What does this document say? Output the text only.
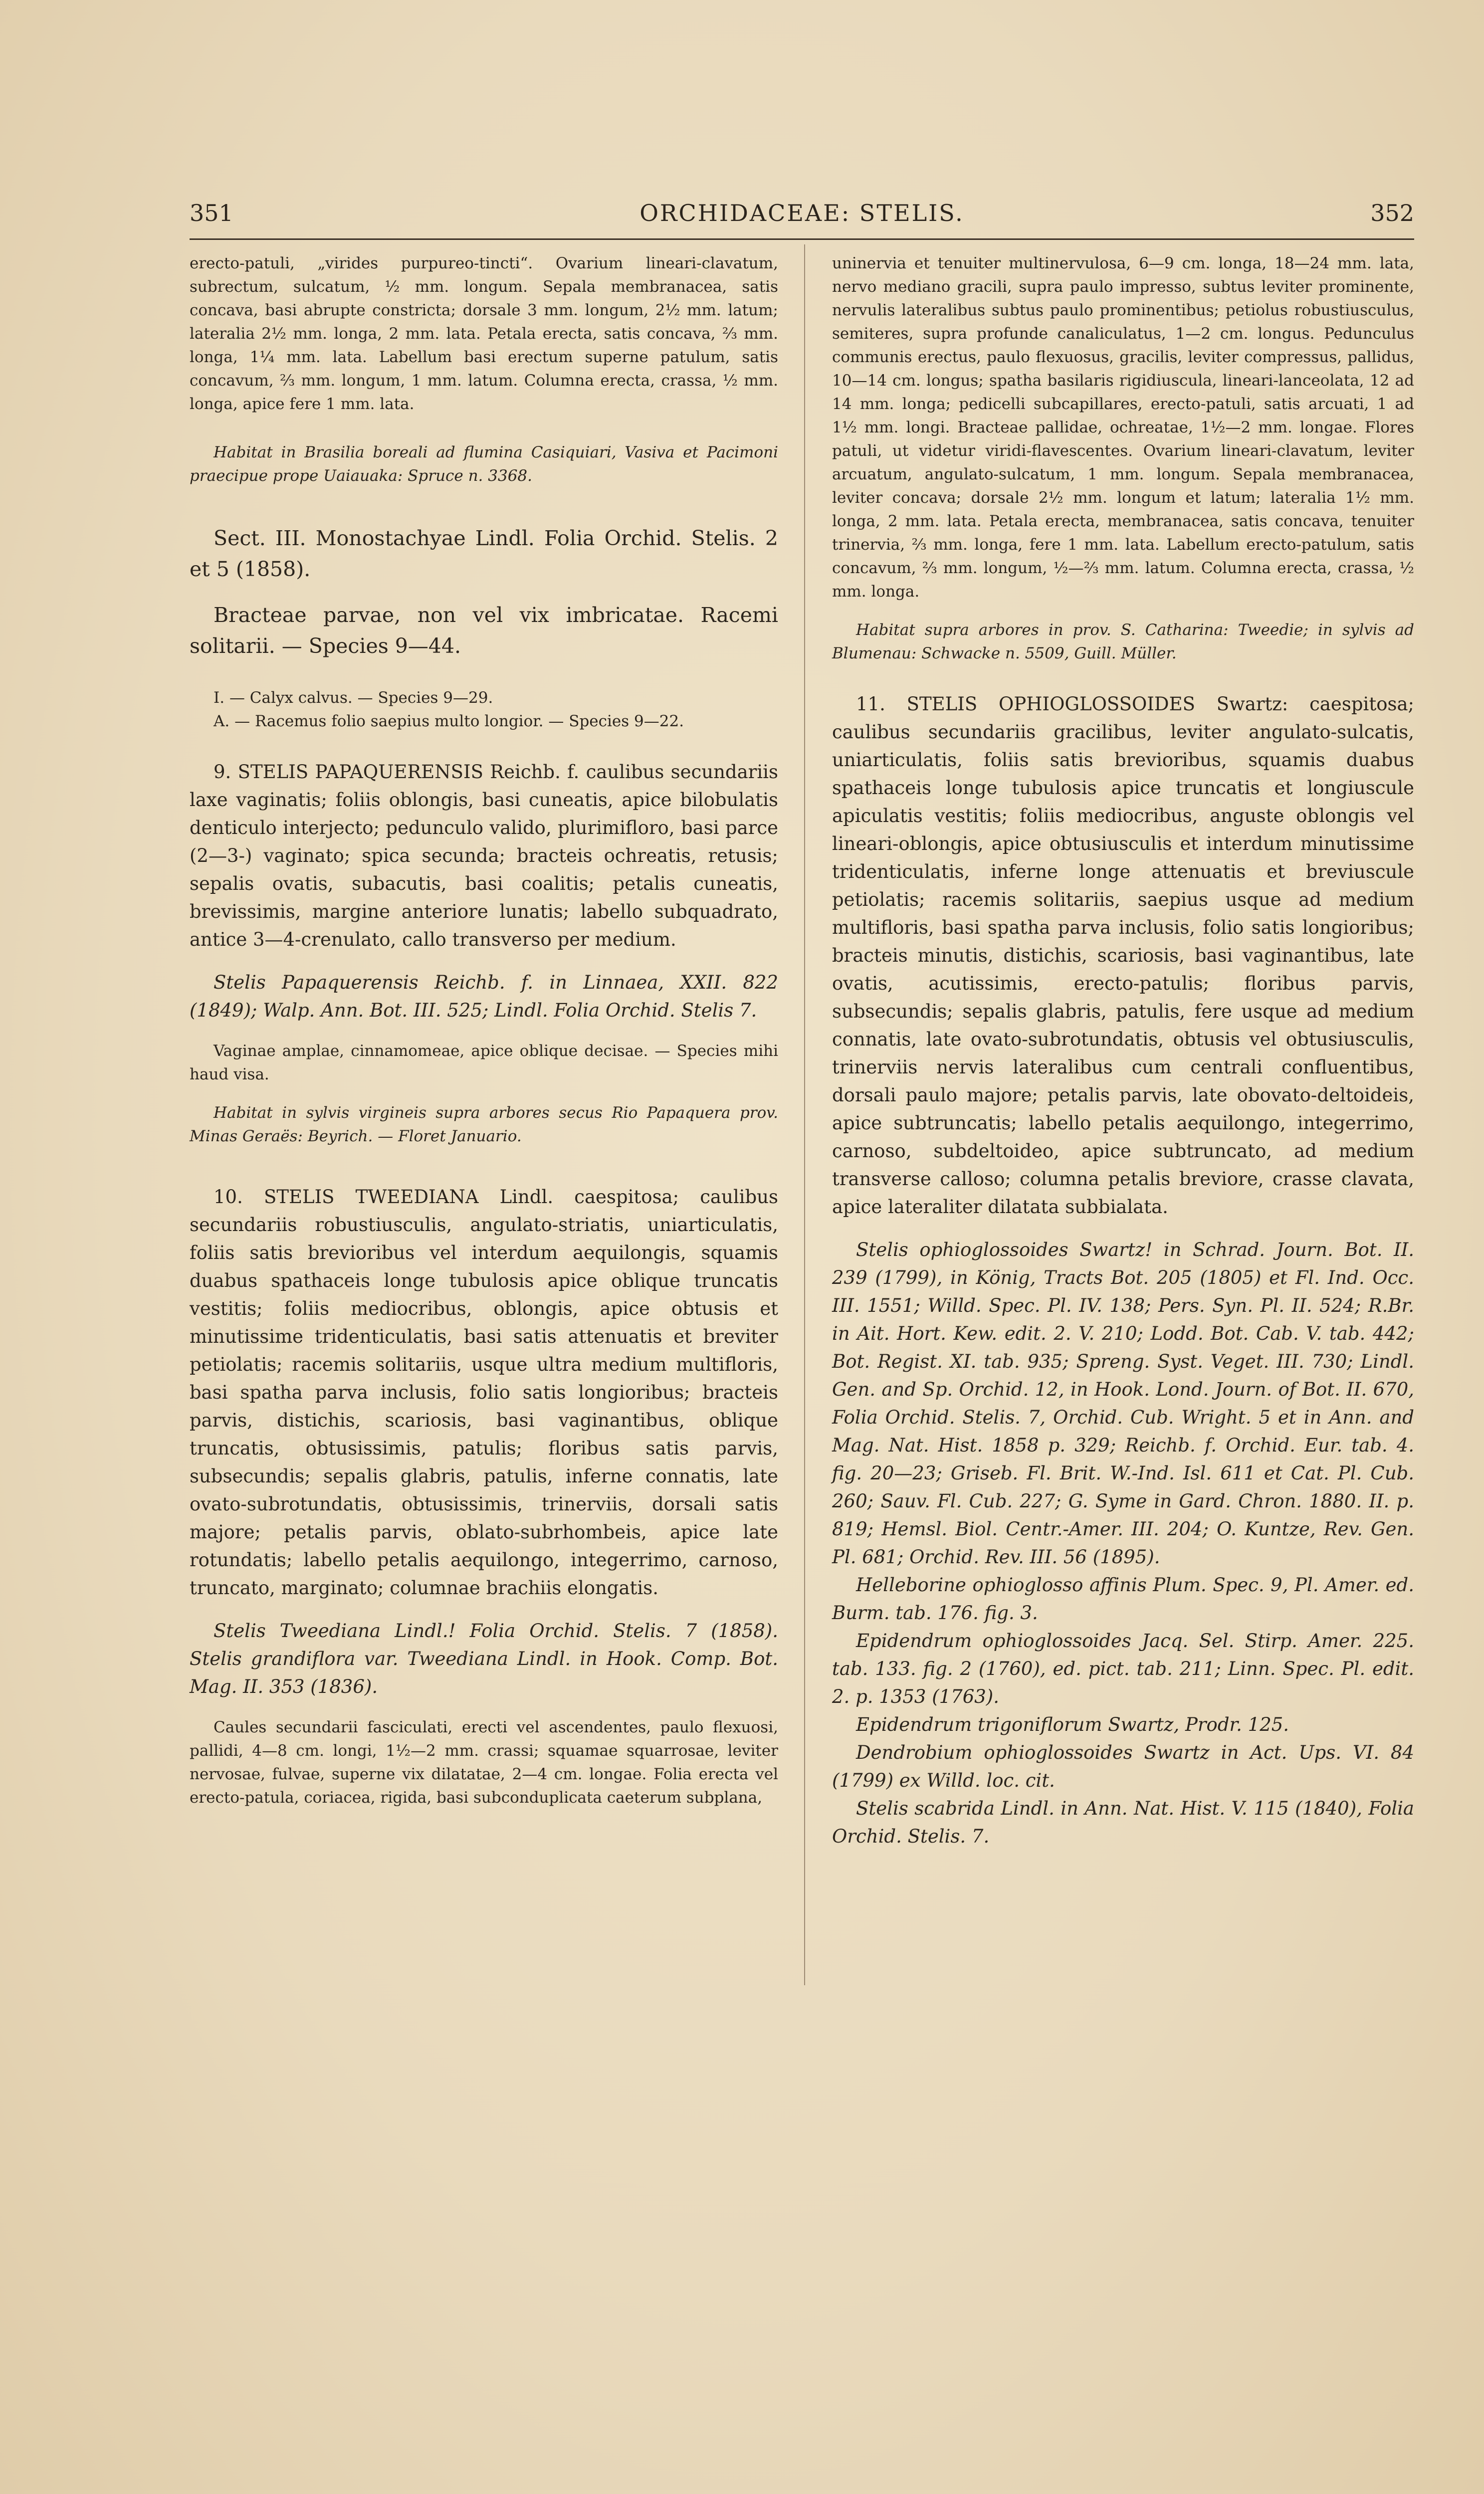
351	ORCHIDACEAE: STELIS.	352

erecto-patuli, „virides purpureo-tincti“. Ovarium lineari-clavatum, subrectum, sulcatum, ½ mm. longum. Sepala membranacea, satis concava, basi abrupte constricta; dorsale 3 mm. longum, 2½ mm. latum; lateralia 2½ mm. longa, 2 mm. lata. Petala erecta, satis concava, ⅔ mm. longa, 1¼ mm. lata. Labellum basi erectum superne patulum, satis concavum, ⅔ mm. longum, 1 mm. latum. Columna erecta, crassa, ½ mm. longa, apice fere 1 mm. lata.

Habitat in Brasilia boreali ad flumina Casiquiari, Vasiva et Pacimoni praecipue prope Uaiauaka: Spruce n. 3368.

Sect. III. Monostachyae Lindl. Folia Orchid. Stelis. 2 et 5 (1858).

Bracteae parvae, non vel vix imbricatae. Racemi solitarii. — Species 9—44.

I. — Calyx calvus. — Species 9—29.

A. — Racemus folio saepius multo longior. — Species 9—22.

9. STELIS PAPAQUERENSIS Reichb. f. caulibus secundariis laxe vaginatis; foliis oblongis, basi cuneatis, apice bilobulatis denticulo interjecto; pedunculo valido, plurimifloro, basi parce (2—3-) vaginato; spica secunda; bracteis ochreatis, retusis; sepalis ovatis, subacutis, basi coalitis; petalis cuneatis, brevissimis, margine anteriore lunatis; labello subquadrato, antice 3—4-crenulato, callo transverso per medium.

Stelis Papaquerensis Reichb. f. in Linnaea, XXII. 822 (1849); Walp. Ann. Bot. III. 525; Lindl. Folia Orchid. Stelis 7.

Vaginae amplae, cinnamomeae, apice oblique decisae. — Species mihi haud visa.

Habitat in sylvis virgineis supra arbores secus Rio Papaquera prov. Minas Geraës: Beyrich. — Floret Januario.

10. STELIS TWEEDIANA Lindl. caespitosa; caulibus secundariis robustiusculis, angulato-striatis, uniarticulatis, foliis satis brevioribus vel interdum aequilongis, squamis duabus spathaceis longe tubulosis apice oblique truncatis vestitis; foliis mediocribus, oblongis, apice obtusis et minutissime tridenticulatis, basi satis attenuatis et breviter petiolatis; racemis solitariis, usque ultra medium multifloris, basi spatha parva inclusis, folio satis longioribus; bracteis parvis, distichis, scariosis, basi vaginantibus, oblique truncatis, obtusissimis, patulis; floribus satis parvis, subsecundis; sepalis glabris, patulis, inferne connatis, late ovato-subrotundatis, obtusissimis, trinerviis, dorsali satis majore; petalis parvis, oblato-subrhombeis, apice late rotundatis; labello petalis aequilongo, integerrimo, carnoso, truncato, marginato; columnae brachiis elongatis.

Stelis Tweediana Lindl.! Folia Orchid. Stelis. 7 (1858). Stelis grandiflora var. Tweediana Lindl. in Hook. Comp. Bot. Mag. II. 353 (1836).

Caules secundarii fasciculati, erecti vel ascendentes, paulo flexuosi, pallidi, 4—8 cm. longi, 1½—2 mm. crassi; squamae squarrosae, leviter nervosae, fulvae, superne vix dilatatae, 2—4 cm. longae. Folia erecta vel erecto-patula, coriacea, rigida, basi subconduplicata caeterum subplana,

uninervia et tenuiter multinervulosa, 6—9 cm. longa, 18—24 mm. lata, nervo mediano gracili, supra paulo impresso, subtus leviter prominente, nervulis lateralibus subtus paulo prominentibus; petiolus robustiusculus, semiteres, supra profunde canaliculatus, 1—2 cm. longus. Pedunculus communis erectus, paulo flexuosus, gracilis, leviter compressus, pallidus, 10—14 cm. longus; spatha basilaris rigidiuscula, lineari-lanceolata, 12 ad 14 mm. longa; pedicelli subcapillares, erecto-patuli, satis arcuati, 1 ad 1½ mm. longi. Bracteae pallidae, ochreatae, 1½—2 mm. longae. Flores patuli, ut videtur viridi-flavescentes. Ovarium lineari-clavatum, leviter arcuatum, angulato-sulcatum, 1 mm. longum. Sepala membranacea, leviter concava; dorsale 2½ mm. longum et latum; lateralia 1½ mm. longa, 2 mm. lata. Petala erecta, membranacea, satis concava, tenuiter trinervia, ⅔ mm. longa, fere 1 mm. lata. Labellum erecto-patulum, satis concavum, ⅔ mm. longum, ½—⅔ mm. latum. Columna erecta, crassa, ½ mm. longa.

Habitat supra arbores in prov. S. Catharina: Tweedie; in sylvis ad Blumenau: Schwacke n. 5509, Guill. Müller.

11. STELIS OPHIOGLOSSOIDES Swartz: caespitosa; caulibus secundariis gracilibus, leviter angulato-sulcatis, uniarticulatis, foliis satis brevioribus, squamis duabus spathaceis longe tubulosis apice truncatis et longiuscule apiculatis vestitis; foliis mediocribus, anguste oblongis vel lineari-oblongis, apice obtusiusculis et interdum minutissime tridenticulatis, inferne longe attenuatis et breviuscule petiolatis; racemis solitariis, saepius usque ad medium multifloris, basi spatha parva inclusis, folio satis longioribus; bracteis minutis, distichis, scariosis, basi vaginantibus, late ovatis, acutissimis, erecto-patulis; floribus parvis, subsecundis; sepalis glabris, patulis, fere usque ad medium connatis, late ovato-subrotundatis, obtusis vel obtusiusculis, trinerviis nervis lateralibus cum centrali confluentibus, dorsali paulo majore; petalis parvis, late obovato-deltoideis, apice subtruncatis; labello petalis aequilongo, integerrimo, carnoso, subdeltoideo, apice subtruncato, ad medium transverse calloso; columna petalis breviore, crasse clavata, apice lateraliter dilatata subbialata.

Stelis ophioglossoides Swartz! in Schrad. Journ. Bot. II. 239 (1799), in König, Tracts Bot. 205 (1805) et Fl. Ind. Occ. III. 1551; Willd. Spec. Pl. IV. 138; Pers. Syn. Pl. II. 524; R.Br. in Ait. Hort. Kew. edit. 2. V. 210; Lodd. Bot. Cab. V. tab. 442; Bot. Regist. XI. tab. 935; Spreng. Syst. Veget. III. 730; Lindl. Gen. and Sp. Orchid. 12, in Hook. Lond. Journ. of Bot. II. 670, Folia Orchid. Stelis. 7, Orchid. Cub. Wright. 5 et in Ann. and Mag. Nat. Hist. 1858 p. 329; Reichb. f. Orchid. Eur. tab. 4. fig. 20—23; Griseb. Fl. Brit. W.-Ind. Isl. 611 et Cat. Pl. Cub. 260; Sauv. Fl. Cub. 227; G. Syme in Gard. Chron. 1880. II. p. 819; Hemsl. Biol. Centr.-Amer. III. 204; O. Kuntze, Rev. Gen. Pl. 681; Orchid. Rev. III. 56 (1895).

Helleborine ophioglosso affinis Plum. Spec. 9, Pl. Amer. ed. Burm. tab. 176. fig. 3.

Epidendrum ophioglossoides Jacq. Sel. Stirp. Amer. 225. tab. 133. fig. 2 (1760), ed. pict. tab. 211; Linn. Spec. Pl. edit. 2. p. 1353 (1763).

Epidendrum trigoniflorum Swartz, Prodr. 125.

Dendrobium ophioglossoides Swartz in Act. Ups. VI. 84 (1799) ex Willd. loc. cit.

Stelis scabrida Lindl. in Ann. Nat. Hist. V. 115 (1840), Folia Orchid. Stelis. 7.
